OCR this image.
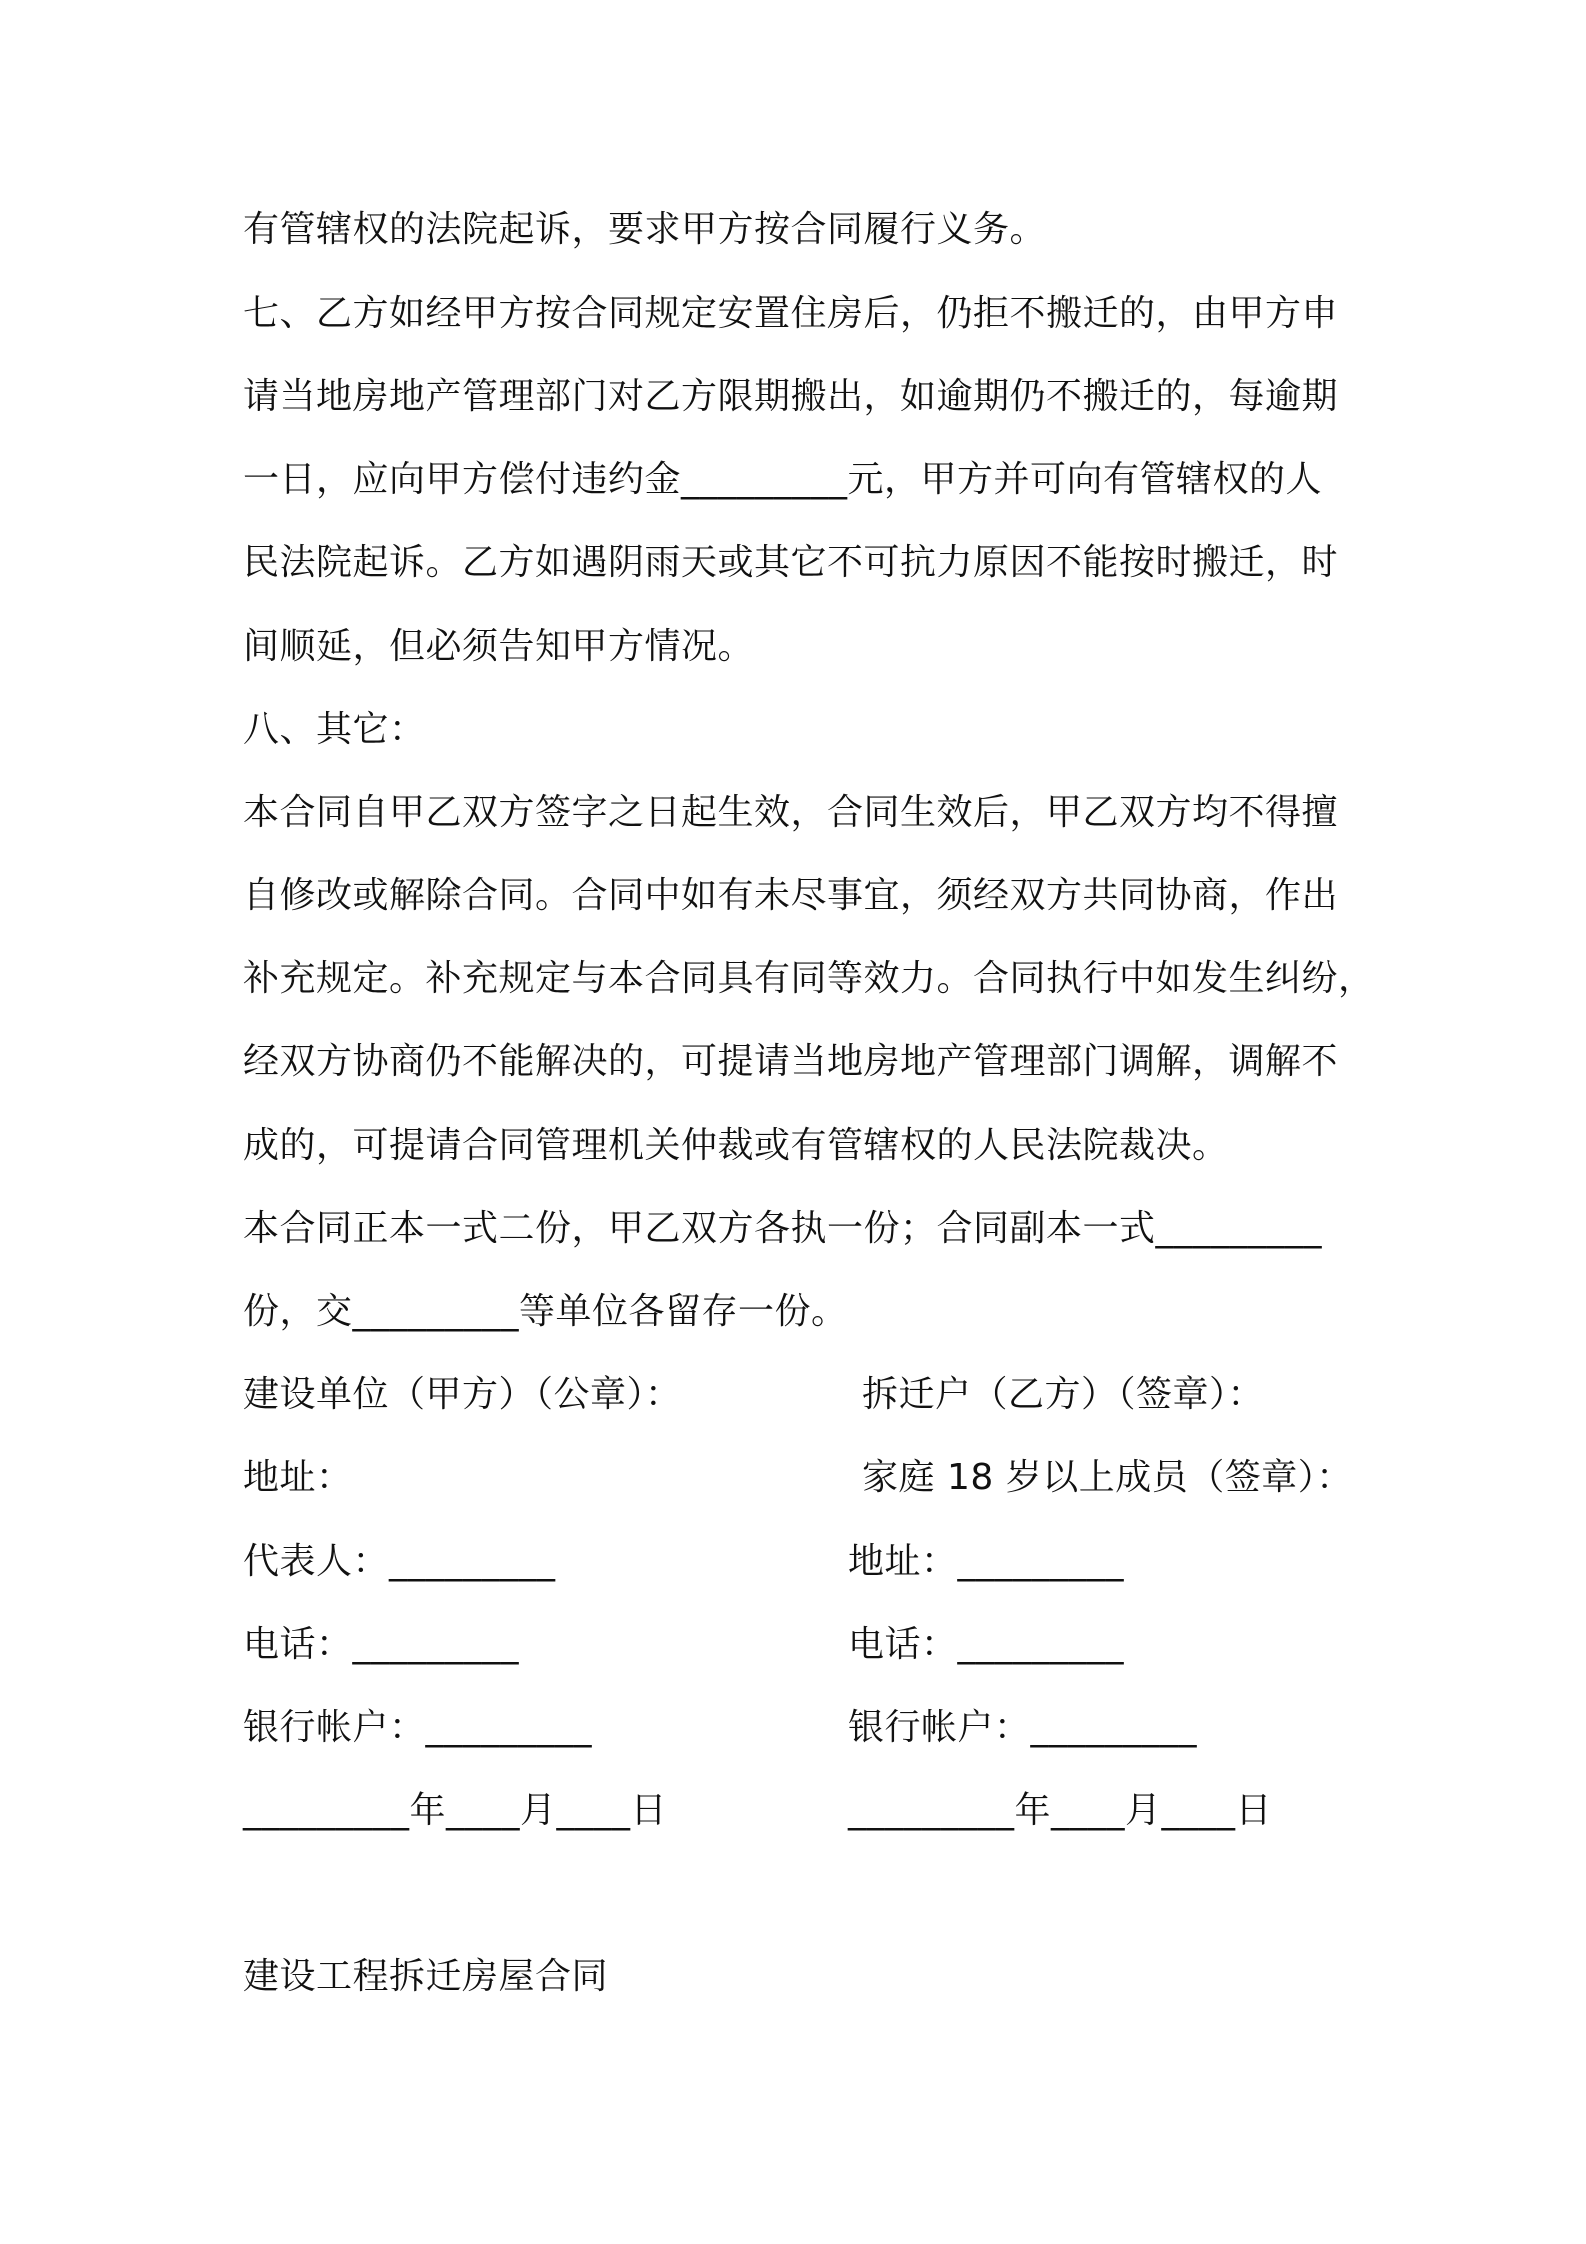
有管辖权的法院起诉，要求甲方按合同履行义务。
七、乙方如经甲方按合同规定安置住房后，仍拒不搬迁的，由甲方申
请当地房地产管理部门对乙方限期搬出，如逾期仍不搬迁的，每逾期
一日，应向甲方偿付违约金_________元，甲方并可向有管辖权的人
民法院起诉。乙方如遇阴雨天或其它不可抗力原因不能按时搬迁，时
间顺延，但必须告知甲方情况。
八、其它：
本合同自甲乙双方签字之日起生效，合同生效后，甲乙双方均不得擅
自修改或解除合同。合同中如有未尽事宜，须经双方共同协商，作出
补充规定。补充规定与本合同具有同等效力。合同执行中如发生纠纷，
经双方协商仍不能解决的，可提请当地房地产管理部门调解，调解不
成的，可提请合同管理机关仲裁或有管辖权的人民法院裁决。
本合同正本一式二份，甲乙双方各执一份；合同副本一式_________
份，交_________等单位各留存一份。
建设单位（甲方）（公章）：	拆迁户（乙方）（签章）：
地址：	家庭 18 岁以上成员（签章）：
代表人：_________	地址：_________
电话：_________	电话：_________
银行帐户：_________	银行帐户：_________
_________年____月____日	_________年____月____日
建设工程拆迁房屋合同
